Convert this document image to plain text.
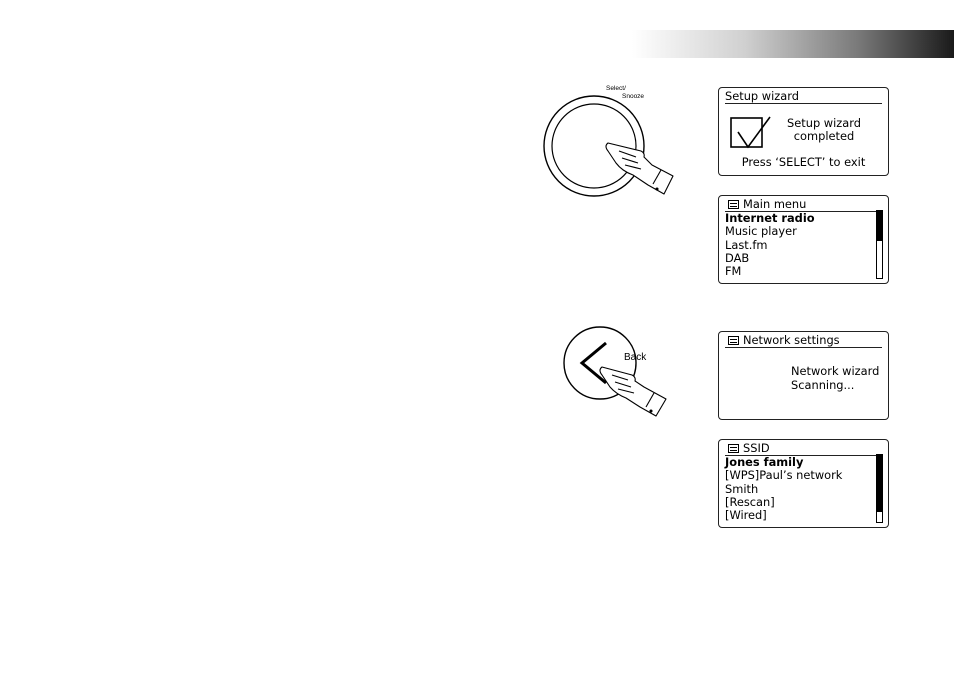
Select/
Snooze
Back
Setup wizard
Setup wizard
completed
Press ‘SELECT’ to exit
Main menu
Internet radio
Music player
Last.fm
DAB
FM
Network settings
Network wizard
Scanning...
SSID
Jones family
[WPS]Paul’s network
Smith
[Rescan]
[Wired]
